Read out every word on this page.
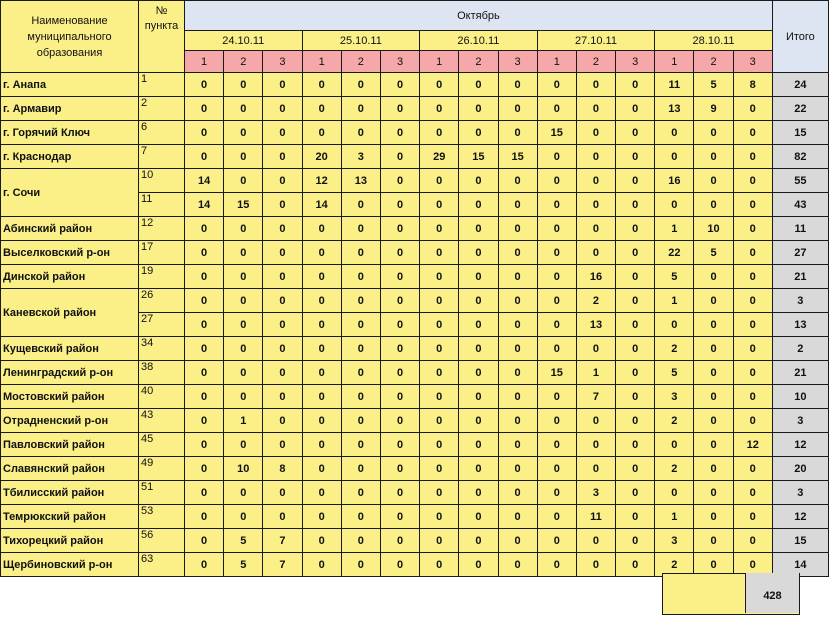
Наименование муниципального образования	№ пункта	Октябрь															Итого
		24.10.11			25.10.11			26.10.11			27.10.11			28.10.11			
		1	2	3	1	2	3	1	2	3	1	2	3	1	2	3	
г. Анапа	1	0	0	0	0	0	0	0	0	0	0	0	0	11	5	8	24
г. Армавир	2	0	0	0	0	0	0	0	0	0	0	0	0	13	9	0	22
г. Горячий Ключ	6	0	0	0	0	0	0	0	0	0	15	0	0	0	0	0	15
г. Краснодар	7	0	0	0	20	3	0	29	15	15	0	0	0	0	0	0	82
г. Сочи	10	14	0	0	12	13	0	0	0	0	0	0	0	16	0	0	55
	11	14	15	0	14	0	0	0	0	0	0	0	0	0	0	0	43
Абинский район	12	0	0	0	0	0	0	0	0	0	0	0	0	1	10	0	11
Выселковский р-он	17	0	0	0	0	0	0	0	0	0	0	0	0	22	5	0	27
Динской район	19	0	0	0	0	0	0	0	0	0	0	16	0	5	0	0	21
Каневской район	26	0	0	0	0	0	0	0	0	0	0	2	0	1	0	0	3
	27	0	0	0	0	0	0	0	0	0	0	13	0	0	0	0	13
Кущевский район	34	0	0	0	0	0	0	0	0	0	0	0	0	2	0	0	2
Ленинградский р-он	38	0	0	0	0	0	0	0	0	0	15	1	0	5	0	0	21
Мостовский район	40	0	0	0	0	0	0	0	0	0	0	7	0	3	0	0	10
Отрадненский р-он	43	0	1	0	0	0	0	0	0	0	0	0	0	2	0	0	3
Павловский район	45	0	0	0	0	0	0	0	0	0	0	0	0	0	0	12	12
Славянский район	49	0	10	8	0	0	0	0	0	0	0	0	0	2	0	0	20
Тбилисский район	51	0	0	0	0	0	0	0	0	0	0	3	0	0	0	0	3
Темрюкский район	53	0	0	0	0	0	0	0	0	0	0	11	0	1	0	0	12
Тихорецкий район	56	0	5	7	0	0	0	0	0	0	0	0	0	3	0	0	15
Щербиновский р-он	63	0	5	7	0	0	0	0	0	0	0	0	0	2	0	0	14
428
